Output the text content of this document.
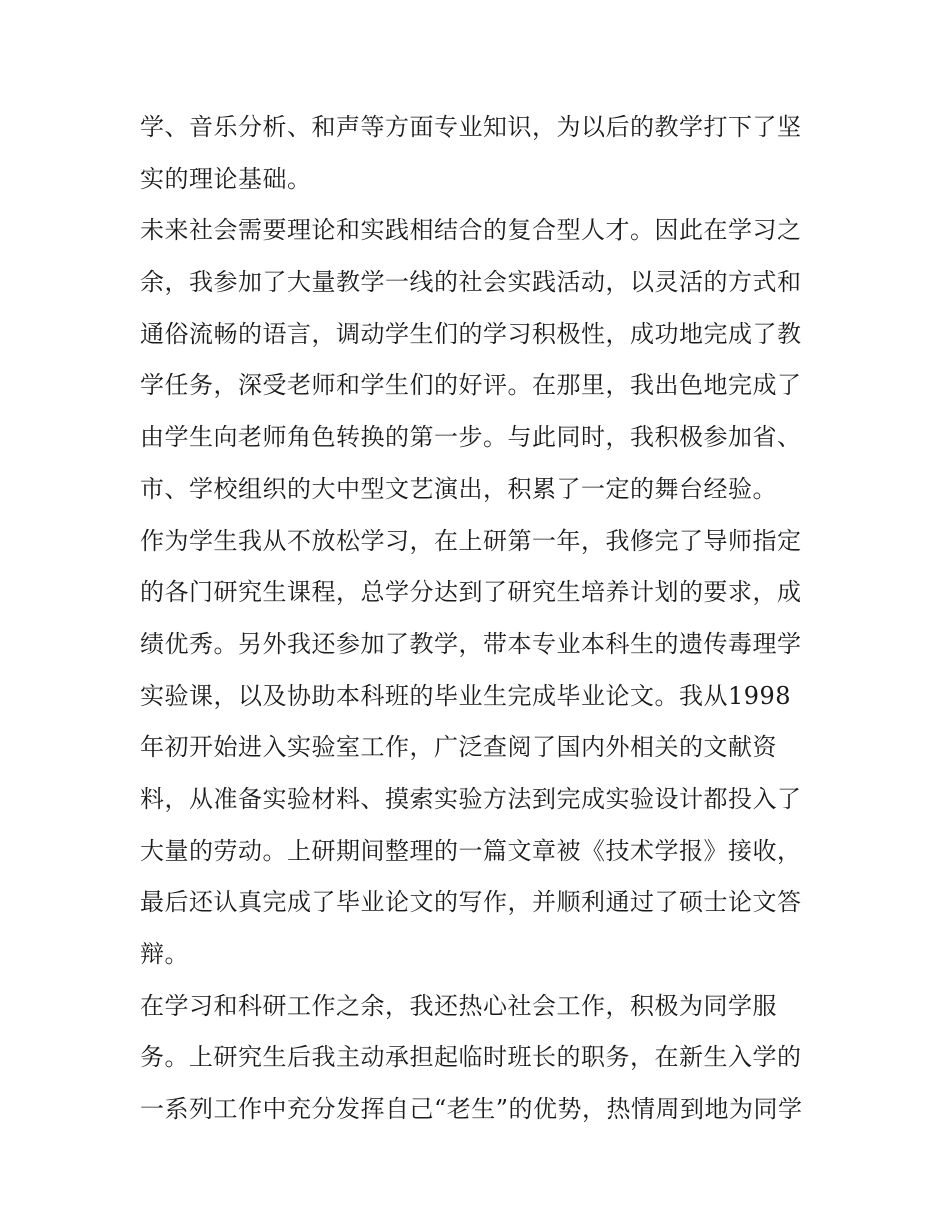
学、音乐分析、和声等方面专业知识，为以后的教学打下了坚
实的理论基础。
未来社会需要理论和实践相结合的复合型人才。因此在学习之
余，我参加了大量教学一线的社会实践活动，以灵活的方式和
通俗流畅的语言，调动学生们的学习积极性，成功地完成了教
学任务，深受老师和学生们的好评。在那里，我出色地完成了
由学生向老师角色转换的第一步。与此同时，我积极参加省、
市、学校组织的大中型文艺演出，积累了一定的舞台经验。
作为学生我从不放松学习，在上研第一年，我修完了导师指定
的各门研究生课程，总学分达到了研究生培养计划的要求，成
绩优秀。另外我还参加了教学，带本专业本科生的遗传毒理学
实验课，以及协助本科班的毕业生完成毕业论文。我从1998
年初开始进入实验室工作，广泛查阅了国内外相关的文献资
料，从准备实验材料、摸索实验方法到完成实验设计都投入了
大量的劳动。上研期间整理的一篇文章被《技术学报》接收，
最后还认真完成了毕业论文的写作，并顺利通过了硕士论文答
辩。
在学习和科研工作之余，我还热心社会工作，积极为同学服
务。上研究生后我主动承担起临时班长的职务，在新生入学的
一系列工作中充分发挥自己“老生”的优势，热情周到地为同学
